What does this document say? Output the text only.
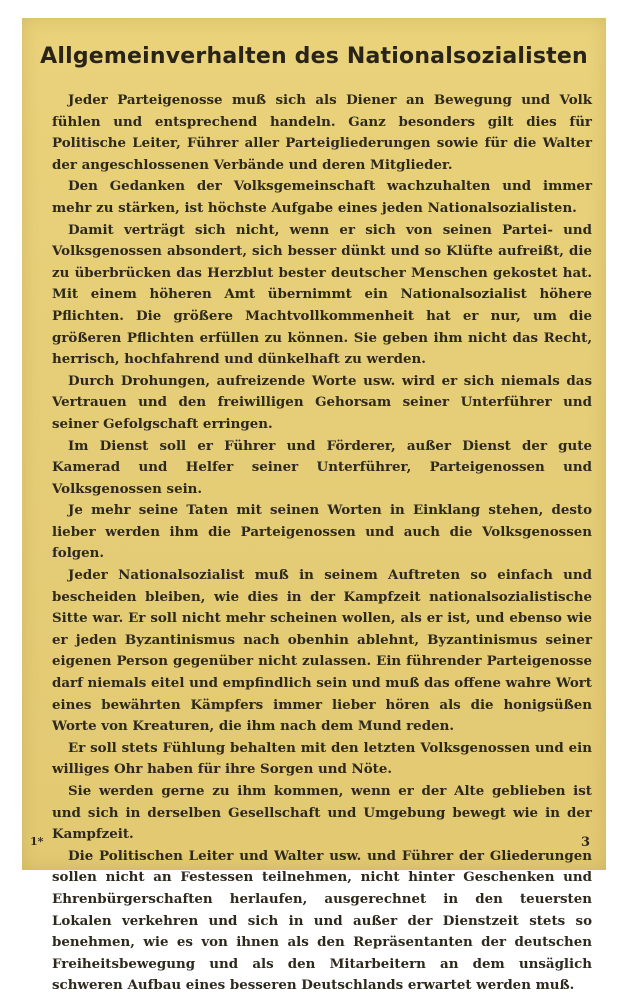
Allgemeinverhalten des Nationalsozialisten

Jeder Parteigenosse muß sich als Diener an Bewegung und Volk fühlen und entsprechend handeln. Ganz besonders gilt dies für Politische Leiter, Führer aller Parteigliederungen sowie für die Walter der angeschlossenen Verbände und deren Mitglieder.

Den Gedanken der Volksgemeinschaft wachzuhalten und immer mehr zu stärken, ist höchste Aufgabe eines jeden Nationalsozialisten.

Damit verträgt sich nicht, wenn er sich von seinen Partei- und Volksgenossen absondert, sich besser dünkt und so Klüfte aufreißt, die zu überbrücken das Herzblut bester deutscher Menschen gekostet hat. Mit einem höheren Amt übernimmt ein Nationalsozialist höhere Pflichten. Die größere Machtvollkommenheit hat er nur, um die größeren Pflichten erfüllen zu können. Sie geben ihm nicht das Recht, herrisch, hochfahrend und dünkelhaft zu werden.

Durch Drohungen, aufreizende Worte usw. wird er sich niemals das Vertrauen und den freiwilligen Gehorsam seiner Unterführer und seiner Gefolgschaft erringen.

Im Dienst soll er Führer und Förderer, außer Dienst der gute Kamerad und Helfer seiner Unterführer, Parteigenossen und Volksgenossen sein.

Je mehr seine Taten mit seinen Worten in Einklang stehen, desto lieber werden ihm die Parteigenossen und auch die Volksgenossen folgen.

Jeder Nationalsozialist muß in seinem Auftreten so einfach und bescheiden bleiben, wie dies in der Kampfzeit nationalsozialistische Sitte war. Er soll nicht mehr scheinen wollen, als er ist, und ebenso wie er jeden Byzantinismus nach obenhin ablehnt, Byzantinismus seiner eigenen Person gegenüber nicht zulassen. Ein führender Parteigenosse darf niemals eitel und empfindlich sein und muß das offene wahre Wort eines bewährten Kämpfers immer lieber hören als die honigsüßen Worte von Kreaturen, die ihm nach dem Mund reden.

Er soll stets Fühlung behalten mit den letzten Volksgenossen und ein williges Ohr haben für ihre Sorgen und Nöte.

Sie werden gerne zu ihm kommen, wenn er der Alte geblieben ist und sich in derselben Gesellschaft und Umgebung bewegt wie in der Kampfzeit.

Die Politischen Leiter und Walter usw. und Führer der Gliederungen sollen nicht an Festessen teilnehmen, nicht hinter Geschenken und Ehrenbürgerschaften herlaufen, ausgerechnet in den teuersten Lokalen verkehren und sich in und außer der Dienstzeit stets so benehmen, wie es von ihnen als den Repräsentanten der deutschen Freiheitsbewegung und als den Mitarbeitern an dem unsäglich schweren Aufbau eines besseren Deutschlands erwartet werden muß.

1*	3
